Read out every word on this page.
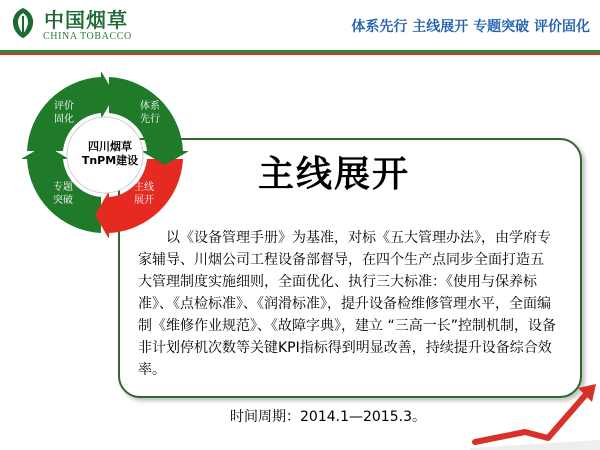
中国烟草
CHINA TOBACCO
体系先行 主线展开 专题突破 评价固化
评价
固化
体系
先行
主线
展开
专题
突破
四川烟草
TnPM建设	主线展开
　　以《设备管理手册》为基准，对标《五大管理办法》，由学府专家辅导、川烟公司工程设备部督导，在四个生产点同步全面打造五大管理制度实施细则，全面优化、执行三大标准：《使用与保养标准》、《点检标准》、《润滑标准》，提升设备检维修管理水平，全面编制《维修作业规范》、《故障字典》，建立 “三高一长”控制机制，设备非计划停机次数等关键KPI指标得到明显改善，持续提升设备综合效率。
时间周期：2014.1—2015.3。
